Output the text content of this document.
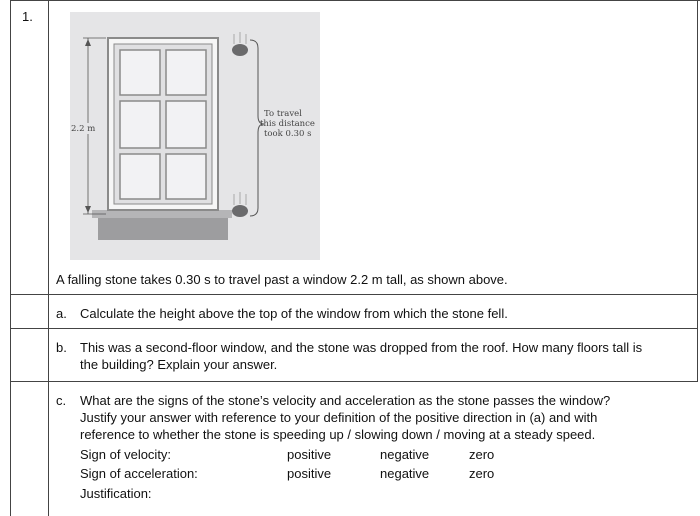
1.
2.2 m
To travel
this distance
took 0.30 s
A falling stone takes 0.30 s to travel past a window 2.2 m tall, as shown above.
a. Calculate the height above the top of the window from which the stone fell.
b. This was a second-floor window, and the stone was dropped from the roof. How many floors tall is
the building? Explain your answer.
c. What are the signs of the stone’s velocity and acceleration as the stone passes the window?
Justify your answer with reference to your definition of the positive direction in (a) and with
reference to whether the stone is speeding up / slowing down / moving at a steady speed.
Sign of velocity:	positive	negative	zero
Sign of acceleration:	positive	negative	zero
Justification:
